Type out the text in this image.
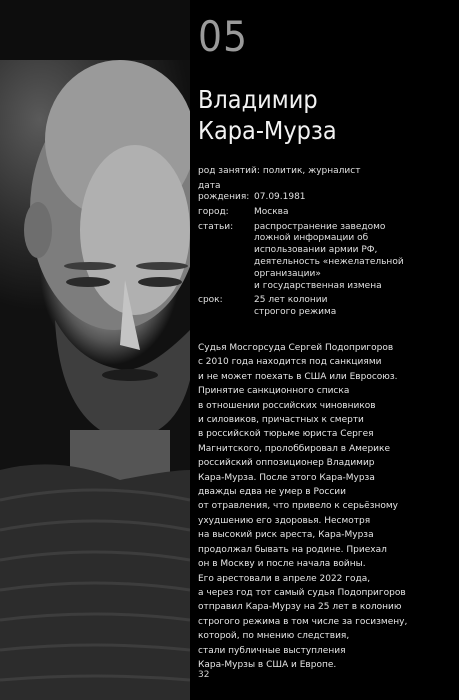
05
Владимир
Кара-Мурза
род занятий: политик, журналист
дата
рождения: 07.09.1981
город:	Москва
статьи:	распространение заведомо
ложной информации об
использовании армии РФ,
деятельность «нежелательной
организации»
и государственная измена
срок:	25 лет колонии
строгого режима
Судья Мосгорсуда Сергей Подопригоров
с 2010 года находится под санкциями
и не может поехать в США или Евросоюз.
Принятие санкционного списка
в отношении российских чиновников
и силовиков, причастных к смерти
в российской тюрьме юриста Сергея
Магнитского, пролоббировал в Америке
российский оппозиционер Владимир
Кара-Мурза. После этого Кара-Мурза
дважды едва не умер в России
от отравления, что привело к серьёзному
ухудшению его здоровья. Несмотря
на высокий риск ареста, Кара-Мурза
продолжал бывать на родине. Приехал
он в Москву и после начала войны.
Его арестовали в апреле 2022 года,
а через год тот самый судья Подопригоров
отправил Кара-Мурзу на 25 лет в колонию
строгого режима в том числе за госизмену,
которой, по мнению следствия,
стали публичные выступления
Кара-Мурзы в США и Европе.
32
